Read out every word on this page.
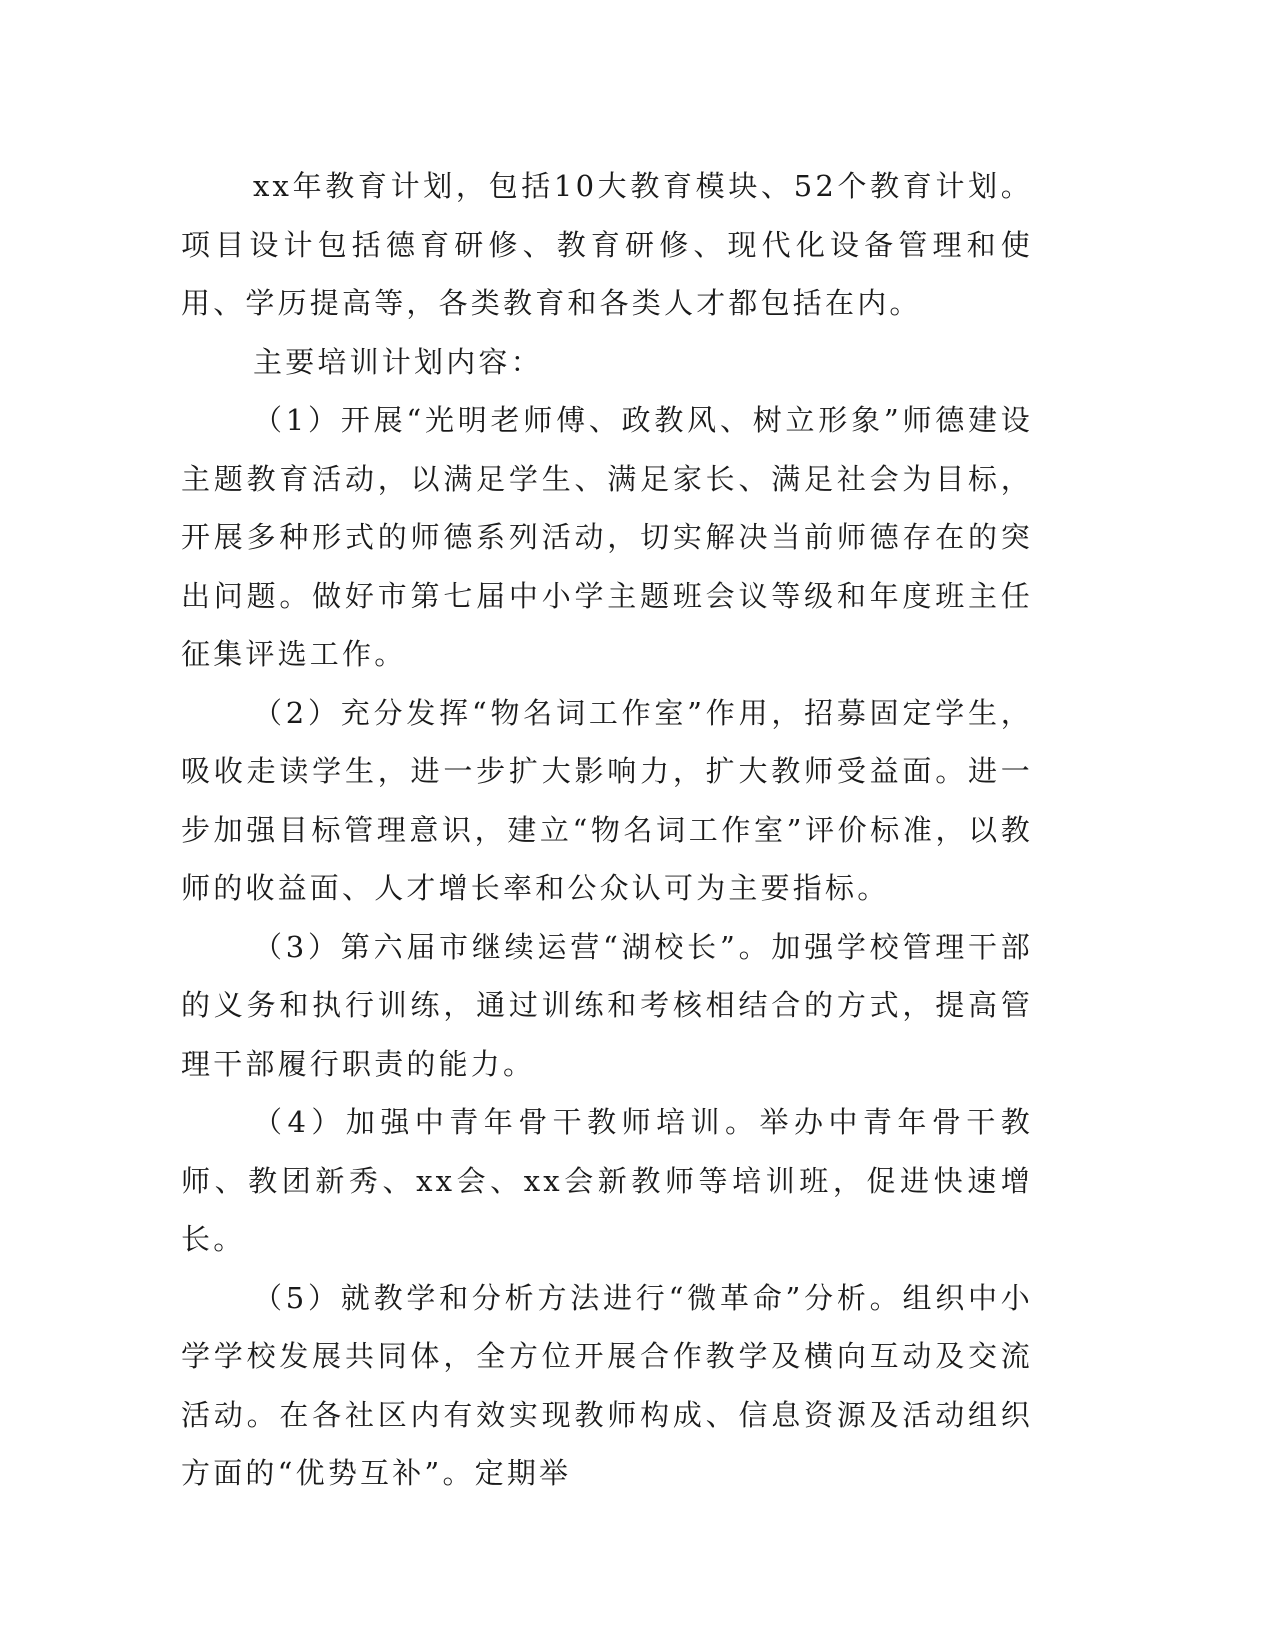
xx年教育计划，包括10大教育模块、52个教育计划。项目设计包括德育研修、教育研修、现代化设备管理和使用、学历提高等，各类教育和各类人才都包括在内。

主要培训计划内容：

（1）开展“光明老师傅、政教风、树立形象”师德建设主题教育活动，以满足学生、满足家长、满足社会为目标，开展多种形式的师德系列活动，切实解决当前师德存在的突出问题。做好市第七届中小学主题班会议等级和年度班主任征集评选工作。

（2）充分发挥“物名词工作室”作用，招募固定学生，吸收走读学生，进一步扩大影响力，扩大教师受益面。进一步加强目标管理意识，建立“物名词工作室”评价标准，以教师的收益面、人才增长率和公众认可为主要指标。

（3）第六届市继续运营“湖校长”。加强学校管理干部的义务和执行训练，通过训练和考核相结合的方式，提高管理干部履行职责的能力。

（4）加强中青年骨干教师培训。举办中青年骨干教师、教团新秀、xx会、xx会新教师等培训班，促进快速增长。

（5）就教学和分析方法进行“微革命”分析。组织中小学学校发展共同体，全方位开展合作教学及横向互动及交流活动。在各社区内有效实现教师构成、信息资源及活动组织方面的“优势互补”。定期举
